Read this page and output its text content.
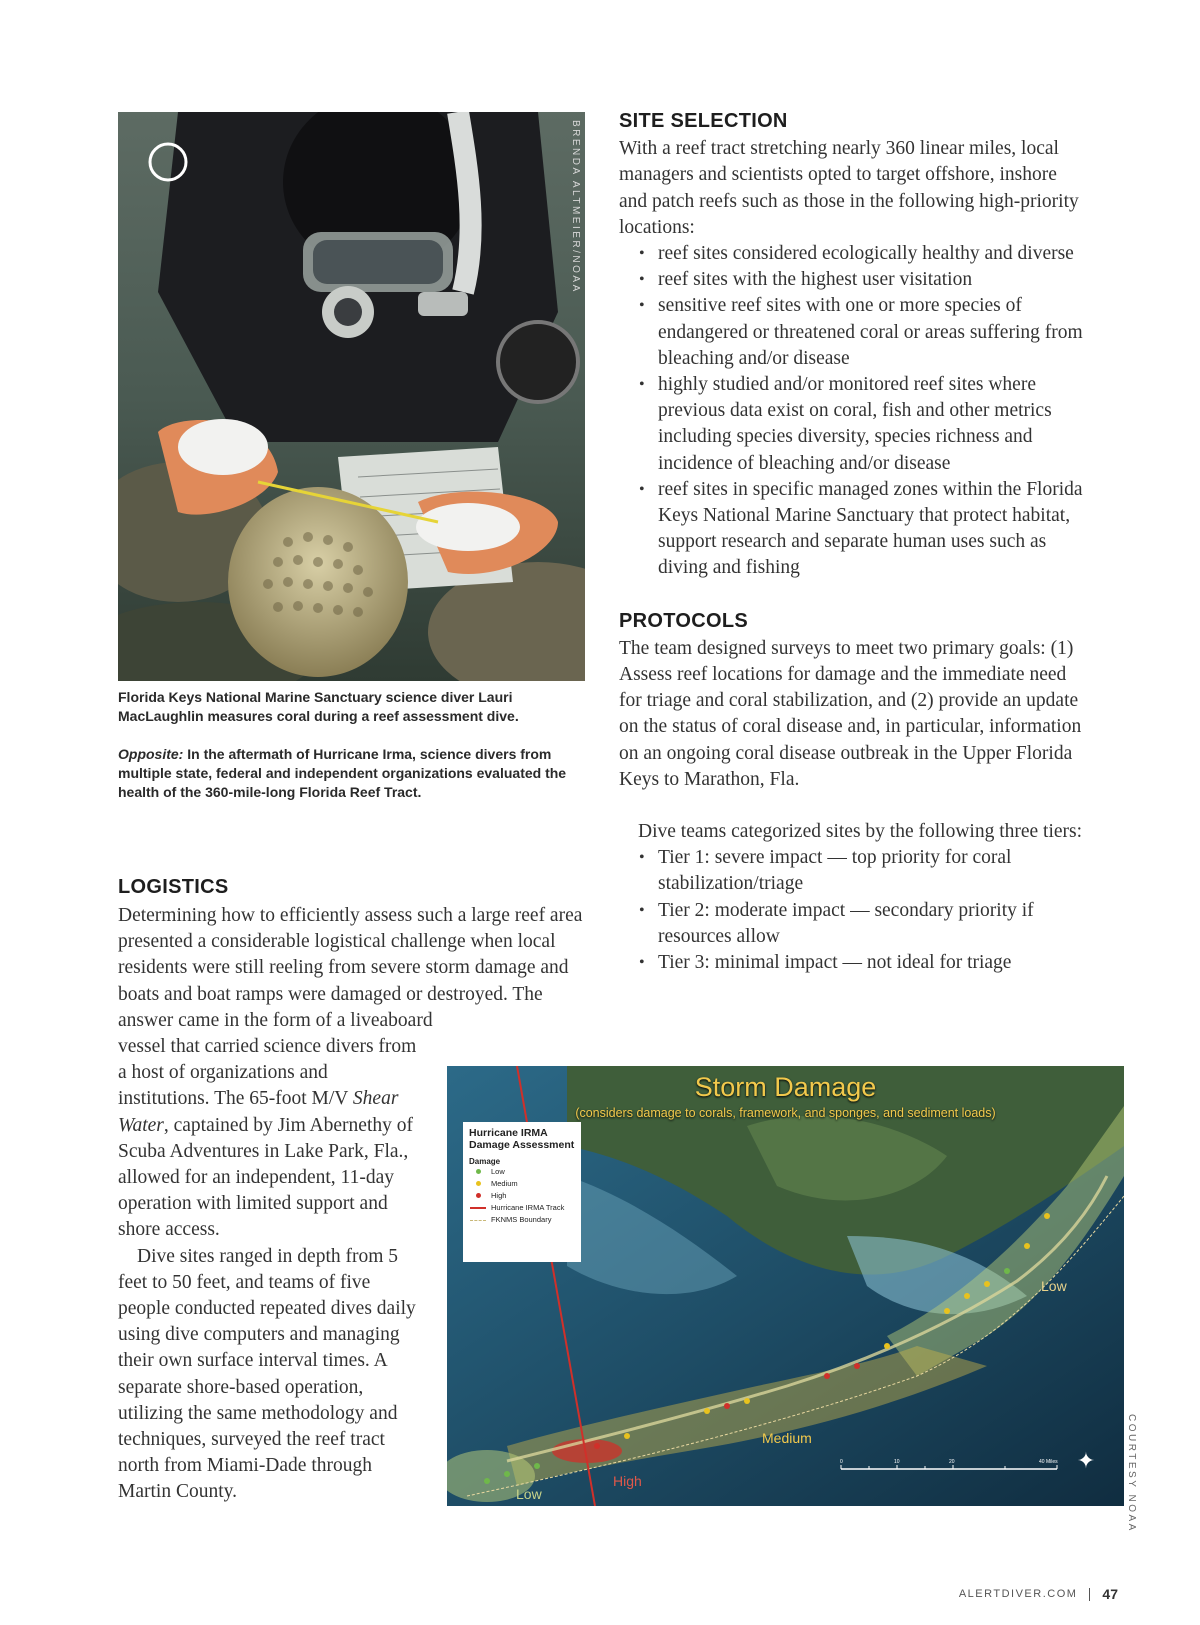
BRENDA ALTMEIER/NOAA

Florida Keys National Marine Sanctuary science diver Lauri MacLaughlin measures coral during a reef assessment dive.

Opposite: In the aftermath of Hurricane Irma, science divers from multiple state, federal and independent organizations evaluated the health of the 360-mile-long Florida Reef Tract.

SITE SELECTION

With a reef tract stretching nearly 360 linear miles, local managers and scientists opted to target offshore, inshore and patch reefs such as those in the following high-priority locations:

• reef sites considered ecologically healthy and diverse
• reef sites with the highest user visitation
• sensitive reef sites with one or more species of endangered or threatened coral or areas suffering from bleaching and/or disease
• highly studied and/or monitored reef sites where previous data exist on coral, fish and other metrics including species diversity, species richness and incidence of bleaching and/or disease
• reef sites in specific managed zones within the Florida Keys National Marine Sanctuary that protect habitat, support research and separate human uses such as diving and fishing
PROTOCOLS

The team designed surveys to meet two primary goals: (1) Assess reef locations for damage and the immediate need for triage and coral stabilization, and (2) provide an update on the status of coral disease and, in particular, information on an ongoing coral disease outbreak in the Upper Florida Keys to Marathon, Fla.

Dive teams categorized sites by the following three tiers:

• Tier 1: severe impact — top priority for coral stabilization/triage
• Tier 2: moderate impact — secondary priority if resources allow
• Tier 3: minimal impact — not ideal for triage
LOGISTICS
Determining how to efficiently assess such a large reef area presented a considerable logistical challenge when local residents were still reeling from severe storm damage and boats and boat ramps were damaged or destroyed. The answer came in the form of a liveaboard

vessel that carried science divers from a host of organizations and institutions. The 65-foot M/V Shear Water, captained by Jim Abernethy of Scuba Adventures in Lake Park, Fla., allowed for an independent, 11-day operation with limited support and shore access.

Dive sites ranged in depth from 5 feet to 50 feet, and teams of five people conducted repeated dives daily using dive computers and managing their own surface interval times. A separate shore-based operation, utilizing the same methodology and techniques, surveyed the reef tract north from Miami-Dade through Martin County.

Storm Damage
(considers damage to corals, framework, and sponges, and sediment loads)
Hurricane IRMA Damage Assessment
Damage
Low
Medium
High
Hurricane IRMA Track
FKNMS Boundary
Low
Medium
High
Low
0	10	20	40 Miles ✦	COURTESY NOAA
ALERTDIVER.COM 47
